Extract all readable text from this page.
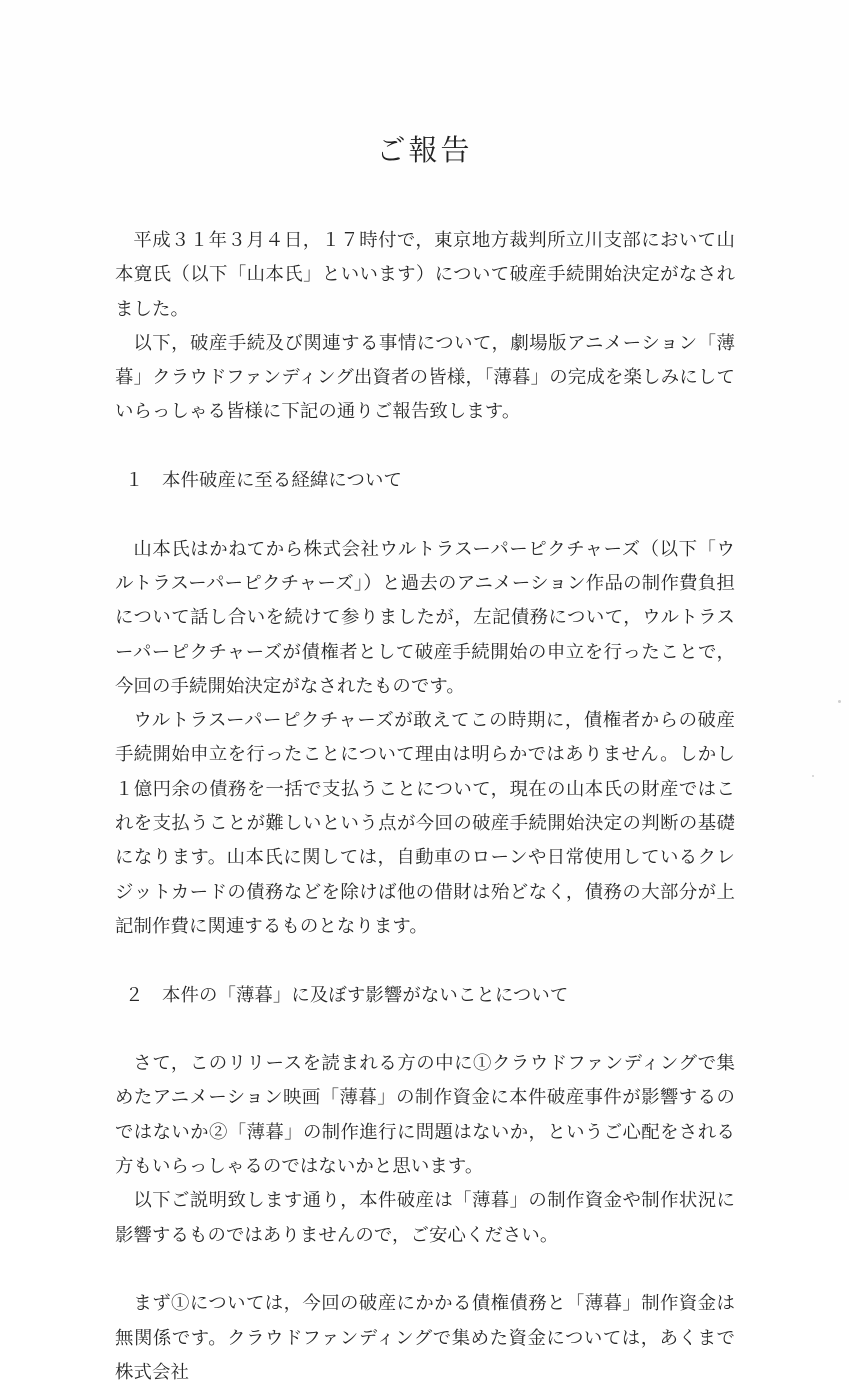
ご報告

平成３１年３月４日，１７時付で，東京地方裁判所立川支部において山本寛氏（以下「山本氏」といいます）について破産手続開始決定がなされました。

以下，破産手続及び関連する事情について，劇場版アニメーション「薄暮」クラウドファンディング出資者の皆様，「薄暮」の完成を楽しみにしていらっしゃる皆様に下記の通りご報告致します。

１　本件破産に至る経緯について

山本氏はかねてから株式会社ウルトラスーパーピクチャーズ（以下「ウルトラスーパーピクチャーズ」）と過去のアニメーション作品の制作費負担について話し合いを続けて参りましたが，左記債務について，ウルトラスーパーピクチャーズが債権者として破産手続開始の申立を行ったことで，今回の手続開始決定がなされたものです。

ウルトラスーパーピクチャーズが敢えてこの時期に，債権者からの破産手続開始申立を行ったことについて理由は明らかではありません。しかし１億円余の債務を一括で支払うことについて，現在の山本氏の財産ではこれを支払うことが難しいという点が今回の破産手続開始決定の判断の基礎になります。山本氏に関しては，自動車のローンや日常使用しているクレジットカードの債務などを除けば他の借財は殆どなく，債務の大部分が上記制作費に関連するものとなります。

２　本件の「薄暮」に及ぼす影響がないことについて

さて，このリリースを読まれる方の中に①クラウドファンディングで集めたアニメーション映画「薄暮」の制作資金に本件破産事件が影響するのではないか②「薄暮」の制作進行に問題はないか，というご心配をされる方もいらっしゃるのではないかと思います。

以下ご説明致します通り，本件破産は「薄暮」の制作資金や制作状況に影響するものではありませんので，ご安心ください。

まず①については，今回の破産にかかる債権債務と「薄暮」制作資金は無関係です。クラウドファンディングで集めた資金については，あくまで株式会社
